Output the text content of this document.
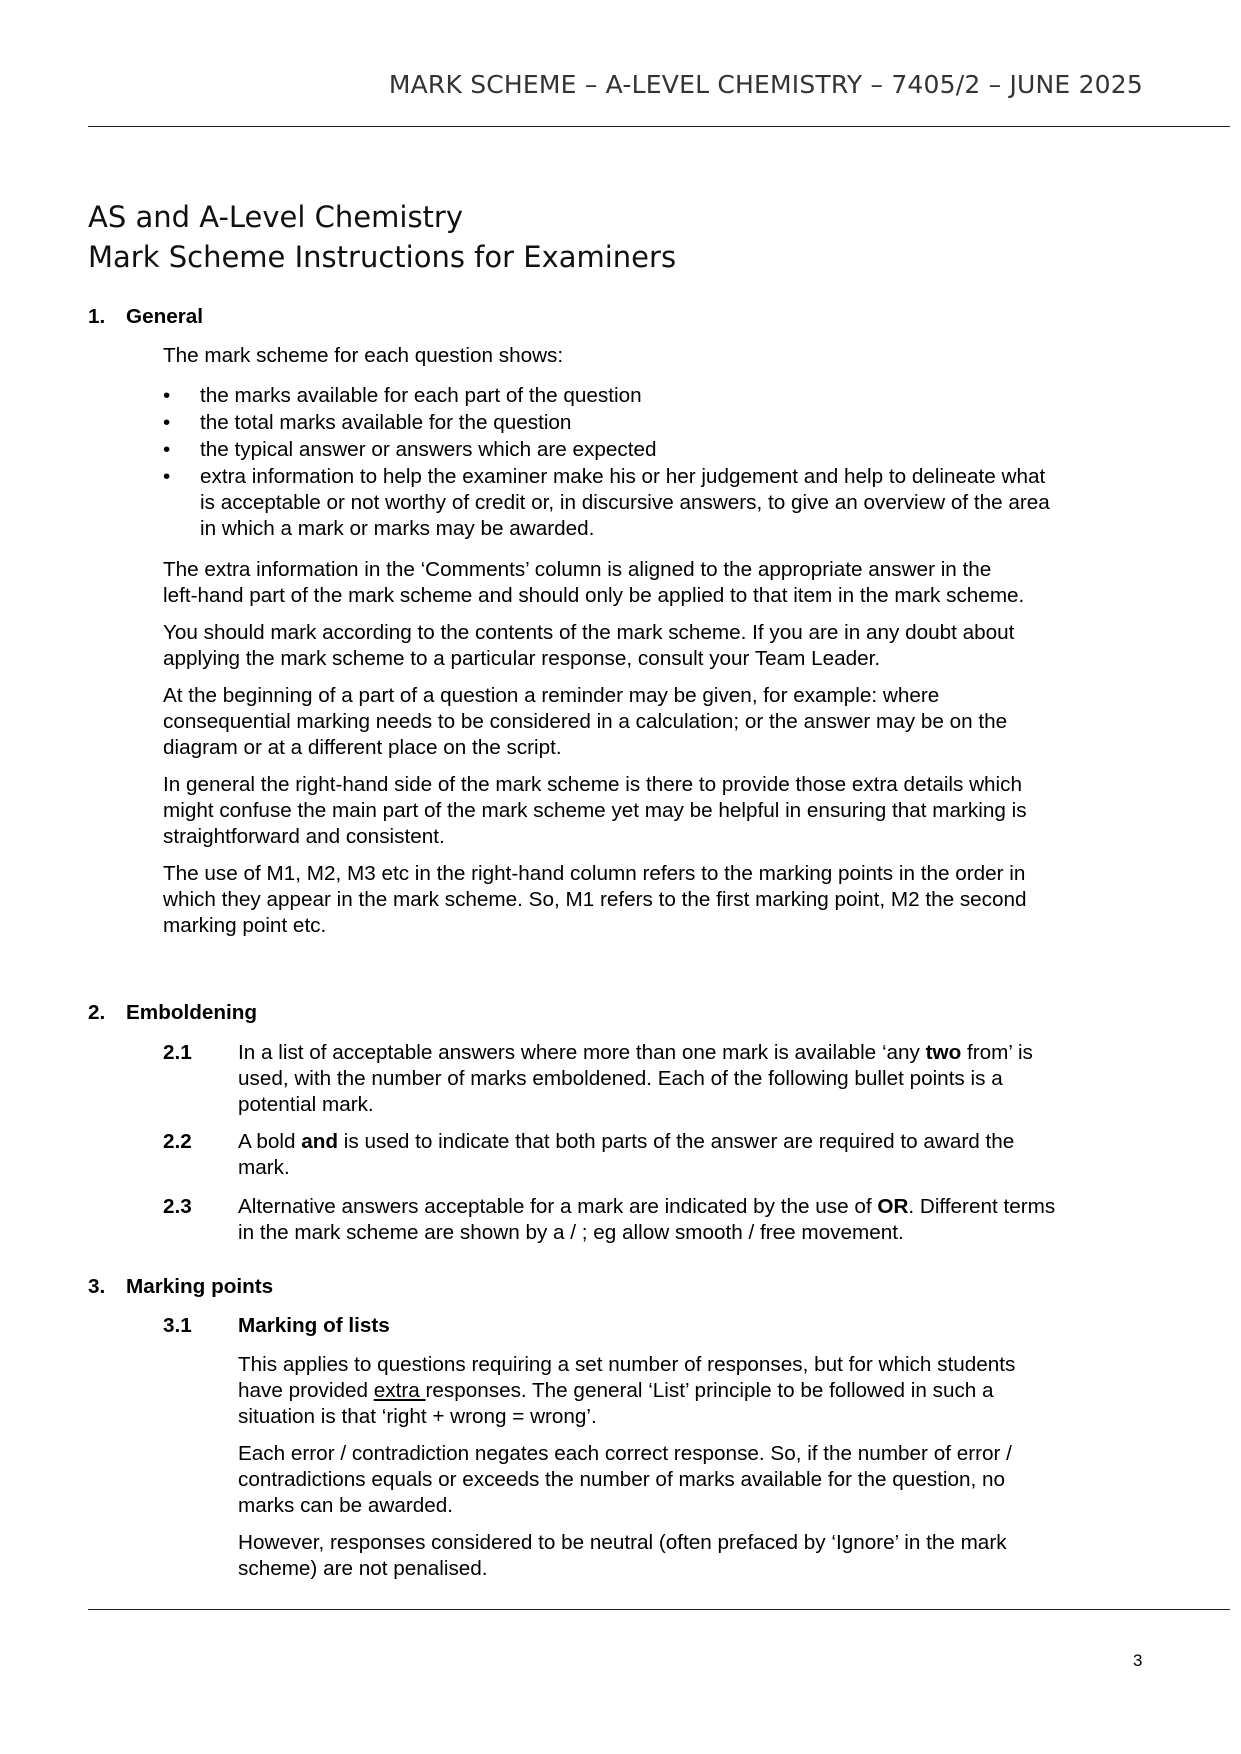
MARK SCHEME – A-LEVEL CHEMISTRY – 7405/2 – JUNE 2025
AS and A-Level Chemistry
Mark Scheme Instructions for Examiners
1. General
The mark scheme for each question shows:
• the marks available for each part of the question
• the total marks available for the question
• the typical answer or answers which are expected
• extra information to help the examiner make his or her judgement and help to delineate what
is acceptable or not worthy of credit or, in discursive answers, to give an overview of the area
in which a mark or marks may be awarded.
The extra information in the ‘Comments’ column is aligned to the appropriate answer in the
left-hand part of the mark scheme and should only be applied to that item in the mark scheme.
You should mark according to the contents of the mark scheme. If you are in any doubt about
applying the mark scheme to a particular response, consult your Team Leader.
At the beginning of a part of a question a reminder may be given, for example: where
consequential marking needs to be considered in a calculation; or the answer may be on the
diagram or at a different place on the script.
In general the right-hand side of the mark scheme is there to provide those extra details which
might confuse the main part of the mark scheme yet may be helpful in ensuring that marking is
straightforward and consistent.
The use of M1, M2, M3 etc in the right-hand column refers to the marking points in the order in
which they appear in the mark scheme. So, M1 refers to the first marking point, M2 the second
marking point etc.
2. Emboldening
2.1 In a list of acceptable answers where more than one mark is available ‘any two from’ is
used, with the number of marks emboldened. Each of the following bullet points is a
potential mark.
2.2 A bold and is used to indicate that both parts of the answer are required to award the
mark.
2.3 Alternative answers acceptable for a mark are indicated by the use of OR. Different terms
in the mark scheme are shown by a / ; eg allow smooth / free movement.
3. Marking points
3.1 Marking of lists
This applies to questions requiring a set number of responses, but for which students
have provided extra responses. The general ‘List’ principle to be followed in such a
situation is that ‘right + wrong = wrong’.
Each error / contradiction negates each correct response. So, if the number of error /
contradictions equals or exceeds the number of marks available for the question, no
marks can be awarded.
However, responses considered to be neutral (often prefaced by ‘Ignore’ in the mark
scheme) are not penalised.
3
